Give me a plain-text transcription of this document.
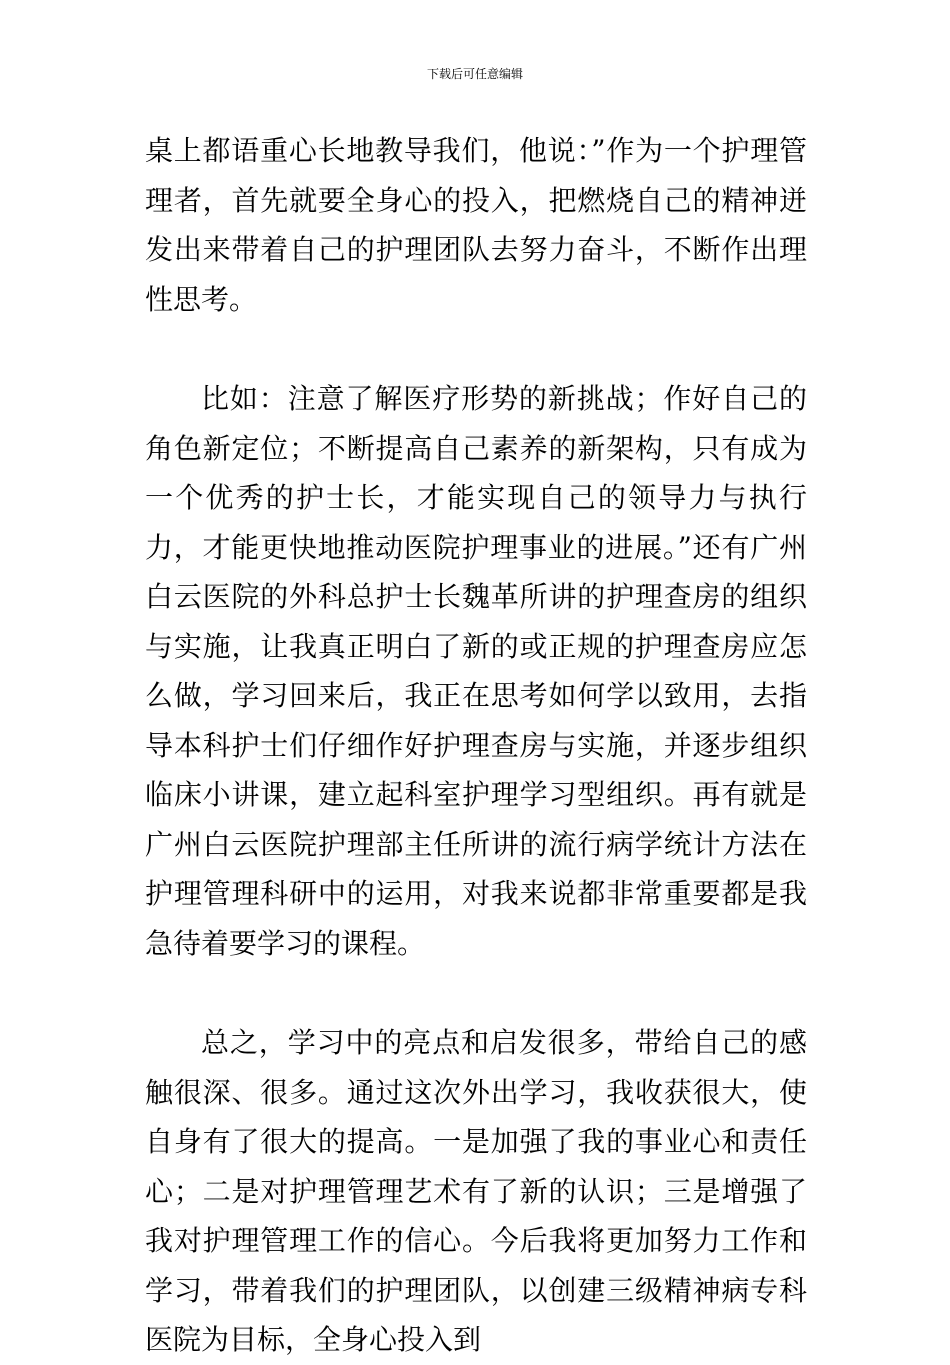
下载后可任意编辑

桌上都语重心长地教导我们，他说：”作为一个护理管理者，首先就要全身心的投入，把燃烧自己的精神迸发出来带着自己的护理团队去努力奋斗，不断作出理性思考。

比如：注意了解医疗形势的新挑战；作好自己的角色新定位；不断提高自己素养的新架构，只有成为一个优秀的护士长，才能实现自己的领导力与执行力，才能更快地推动医院护理事业的进展。”还有广州白云医院的外科总护士长魏革所讲的护理查房的组织与实施，让我真正明白了新的或正规的护理查房应怎么做，学习回来后，我正在思考如何学以致用，去指导本科护士们仔细作好护理查房与实施，并逐步组织临床小讲课，建立起科室护理学习型组织。再有就是广州白云医院护理部主任所讲的流行病学统计方法在护理管理科研中的运用，对我来说都非常重要都是我急待着要学习的课程。

总之，学习中的亮点和启发很多，带给自己的感触很深、很多。通过这次外出学习，我收获很大，使自身有了很大的提高。一是加强了我的事业心和责任心；二是对护理管理艺术有了新的认识；三是增强了我对护理管理工作的信心。今后我将更加努力工作和学习，带着我们的护理团队，以创建三级精神病专科医院为目标，全身心投入到
